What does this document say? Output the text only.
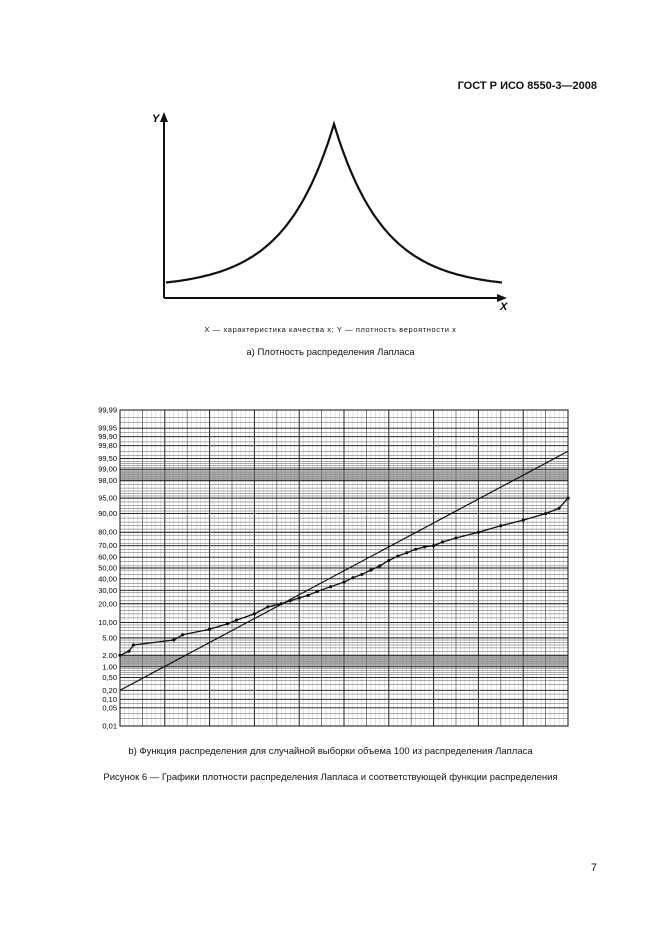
ГОСТ Р ИСО 8550-3—2008
Y
X
X — характеристика качества x; Y — плотность вероятности x
a) Плотность распределения Лапласа
99,99
99,95
99,90
99,80
99,50
99,00
98,00
95,00
90,00
80,00
70,00
60,00
50,00
40,00
30,00
20,00
10,00
5.00
2.00
1.00
0,50
0,20
0,10
0,05
0,01
b) Функция распределения для случайной выборки объема 100 из распределения Лапласа
Рисунок 6 — Графики плотности распределения Лапласа и соответствующей функции распределения
7
